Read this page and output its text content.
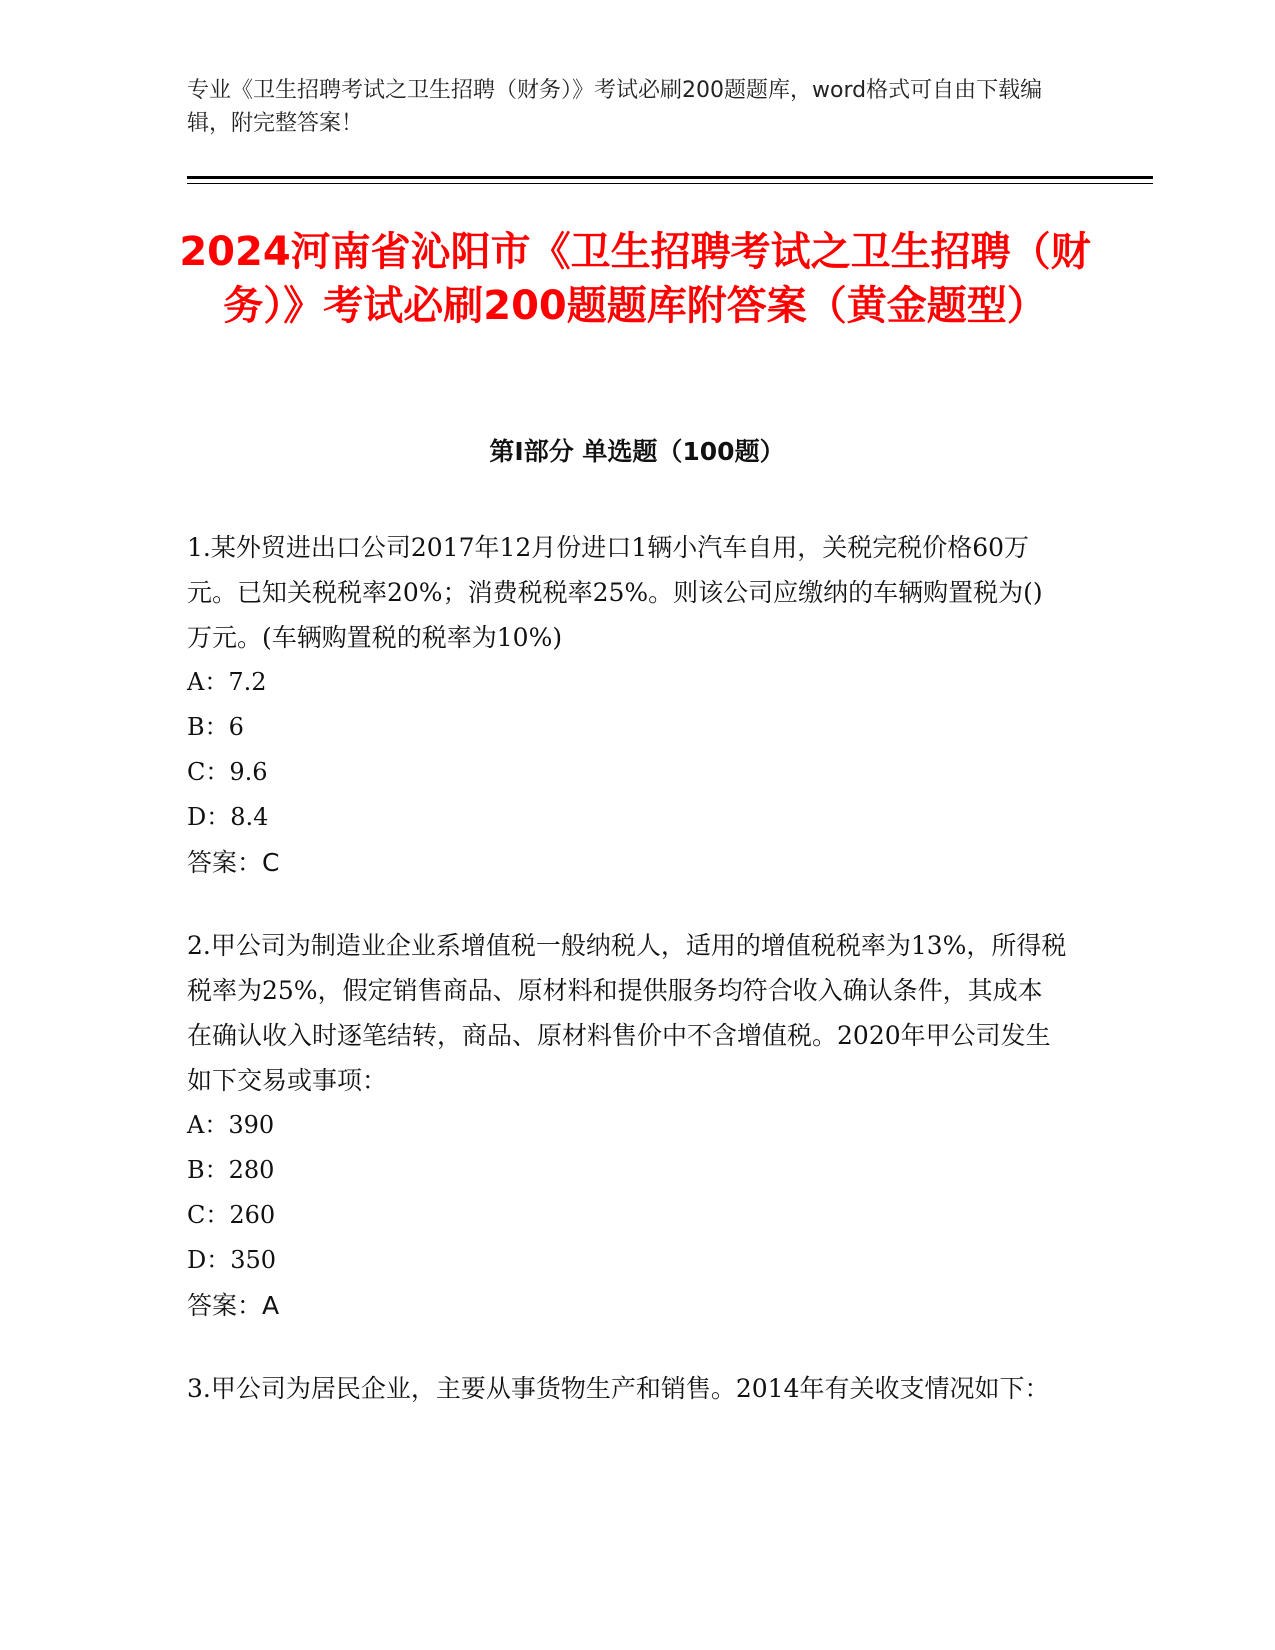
专业《卫生招聘考试之卫生招聘（财务）》考试必刷200题题库，word格式可自由下载编辑，附完整答案！
2024河南省沁阳市《卫生招聘考试之卫生招聘（财务）》考试必刷200题题库附答案（黄金题型）
第I部分 单选题（100题）

1.某外贸进出口公司2017年12月份进口1辆小汽车自用，关税完税价格60万元。已知关税税率20%；消费税税率25%。则该公司应缴纳的车辆购置税为()万元。(车辆购置税的税率为10%)

A：7.2

B：6

C：9.6

D：8.4

答案：C

2.甲公司为制造业企业系增值税一般纳税人，适用的增值税税率为13%，所得税税率为25%，假定销售商品、原材料和提供服务均符合收入确认条件，其成本在确认收入时逐笔结转，商品、原材料售价中不含增值税。2020年甲公司发生如下交易或事项：

A：390

B：280

C：260

D：350

答案：A

3.甲公司为居民企业，主要从事货物生产和销售。2014年有关收支情况如下：
